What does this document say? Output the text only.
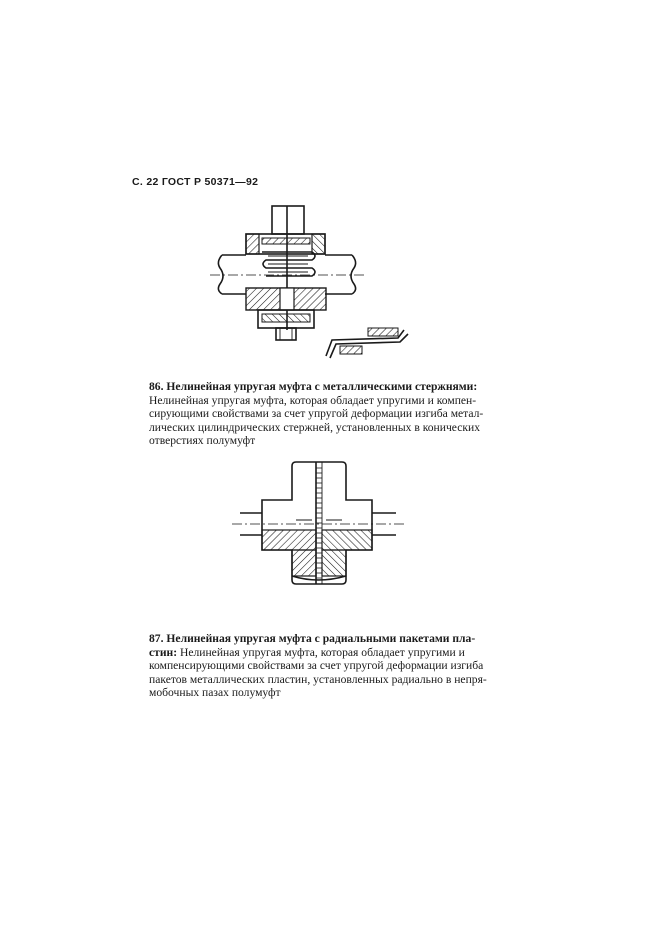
С. 22 ГОСТ Р 50371—92

86. Нелинейная упругая муфта с металлическими стержнями:

Нелинейная упругая муфта, которая обладает упругими и компен-

сирующими свойствами за счет упругой деформации изгиба метал-

лических цилиндрических стержней, установленных в конических

отверстиях полумуфт

87. Нелинейная упругая муфта с радиальными пакетами пла-

стин: Нелинейная упругая муфта, которая обладает упругими и

компенсирующими свойствами за счет упругой деформации изгиба

пакетов металлических пластин, установленных радиально в непря-

мобочных пазах полумуфт
